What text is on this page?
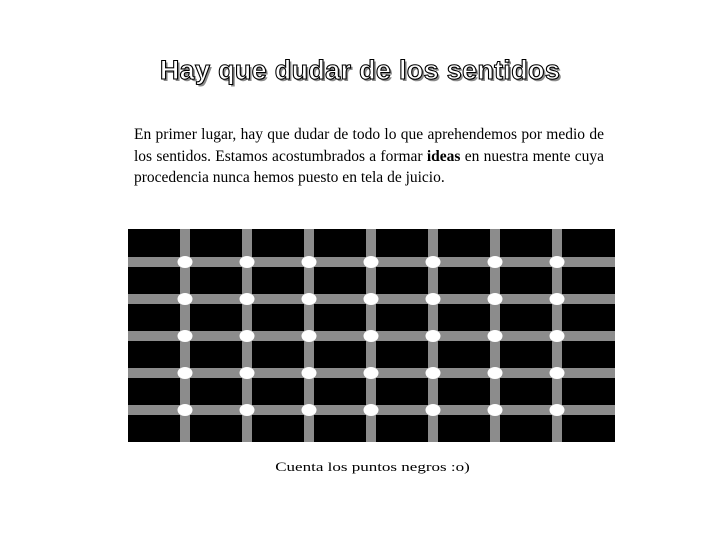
Hay que dudar de los sentidos

En primer lugar, hay que dudar de todo lo que aprehendemos por medio de los sentidos. Estamos acostumbrados a formar ideas en nuestra mente cuya procedencia nunca hemos puesto en tela de juicio.

Cuenta los puntos negros :o)
